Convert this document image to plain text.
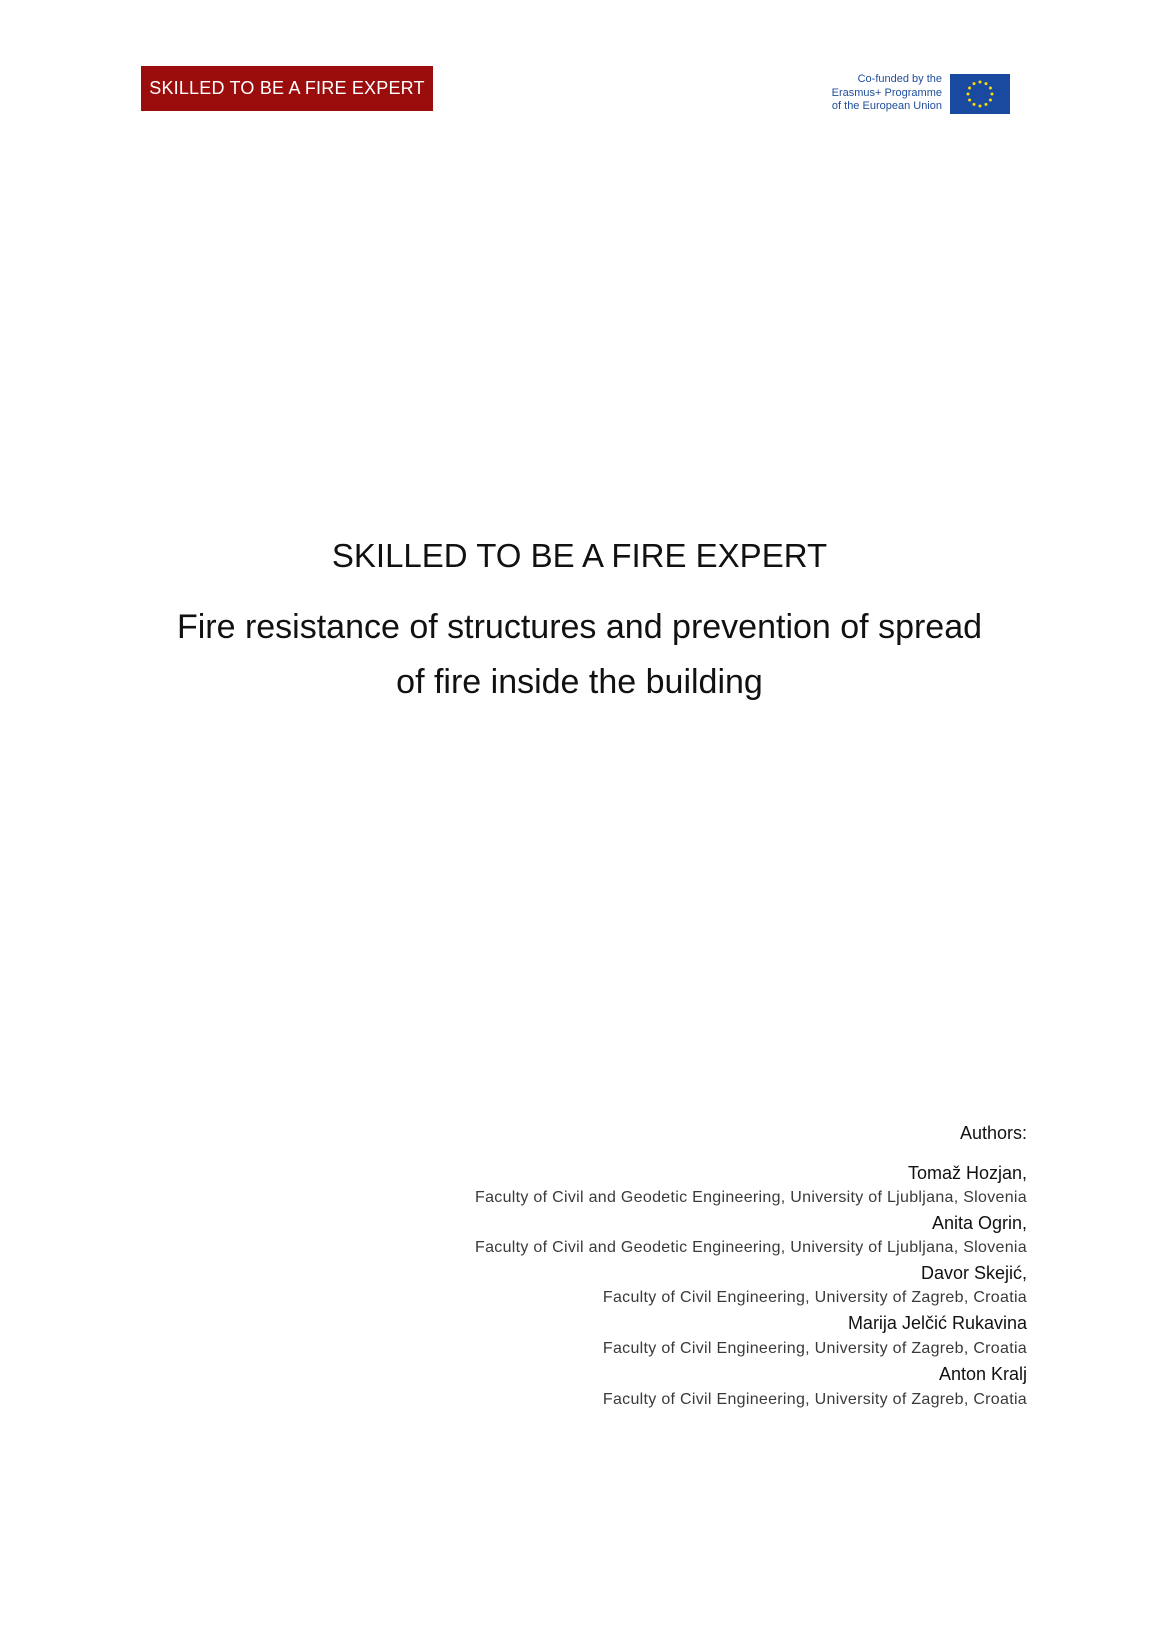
SKILLED TO BE A FIRE EXPERT	Co-funded by the
Erasmus+ Programme
of the European Union
SKILLED TO BE A FIRE EXPERT
Fire resistance of structures and prevention of spread
of fire inside the building
Authors:
Tomaž Hozjan,
Faculty of Civil and Geodetic Engineering, University of Ljubljana, Slovenia
Anita Ogrin,
Faculty of Civil and Geodetic Engineering, University of Ljubljana, Slovenia
Davor Skejić,
Faculty of Civil Engineering, University of Zagreb, Croatia
Marija Jelčić Rukavina
Faculty of Civil Engineering, University of Zagreb, Croatia
Anton Kralj
Faculty of Civil Engineering, University of Zagreb, Croatia
